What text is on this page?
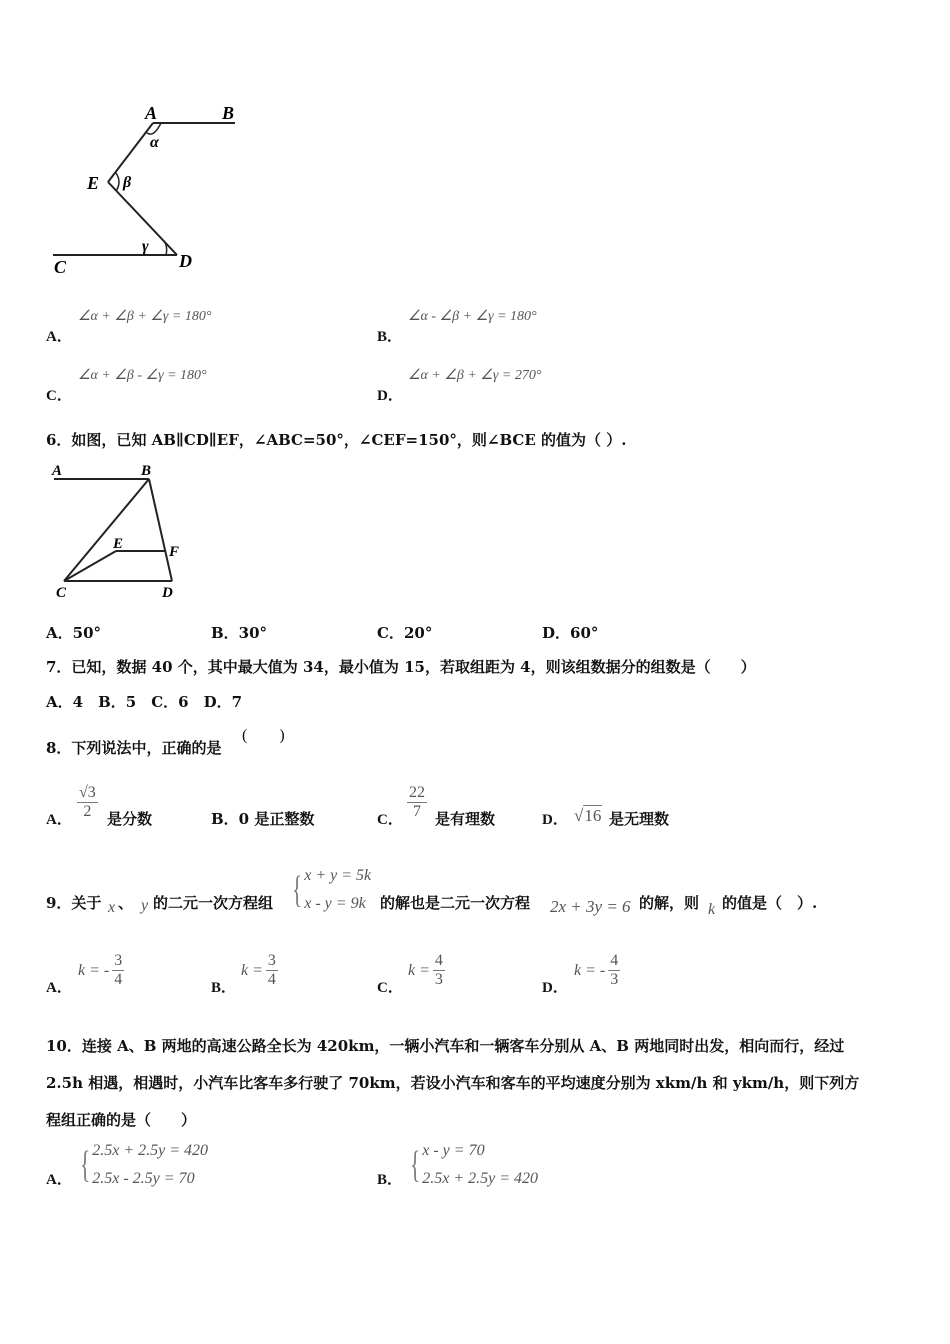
A	B
α
E β
γ
C	D
A．
∠α + ∠β + ∠γ = 180°
B．
∠α - ∠β + ∠γ = 180°
C．
∠α + ∠β - ∠γ = 180°
D．
∠α + ∠β + ∠γ = 270°
6．如图，已知 AB∥CD∥EF，∠ABC=50°，∠CEF=150°，则∠BCE 的值为（ ）.
A	B
E	F
C	D
A．50°	B．30°	C．20°	D．60°
7．已知，数据 40 个，其中最大值为 34，最小值为 15，若取组距为 4，则该组数据分的组数是（　　）
A．4　B．5　C．6　D．7
8．下列说法中，正确的是
(　　)
A． $\frac{√3}{2}$ 是分数	B．0 是正整数	C． $\frac{22}{7}$ 是有理数	D． √16 是无理数
9．关于 x 、 y 的二元一次方程组 { x + y = 5k
x - y = 9k 的解也是二元一次方程 2x + 3y = 6 的解，则 k 的值是（　）.
A．
k = - $\frac{3}{4}$	B．
$k = \frac{3}{4}$	C．
$k = \frac{4}{3}$	D．
k = - $\frac{4}{3}$
10．连接 A、B 两地的高速公路全长为 420km，一辆小汽车和一辆客车分别从 A、B 两地同时出发，相向而行，经过
2.5h 相遇，相遇时，小汽车比客车多行驶了 70km，若设小汽车和客车的平均速度分别为 xkm/h 和 ykm/h，则下列方
程组正确的是（　　）
A． { 2.5x + 2.5y = 420
2.5x - 2.5y = 70	B． { x - y = 70
2.5x + 2.5y = 420
